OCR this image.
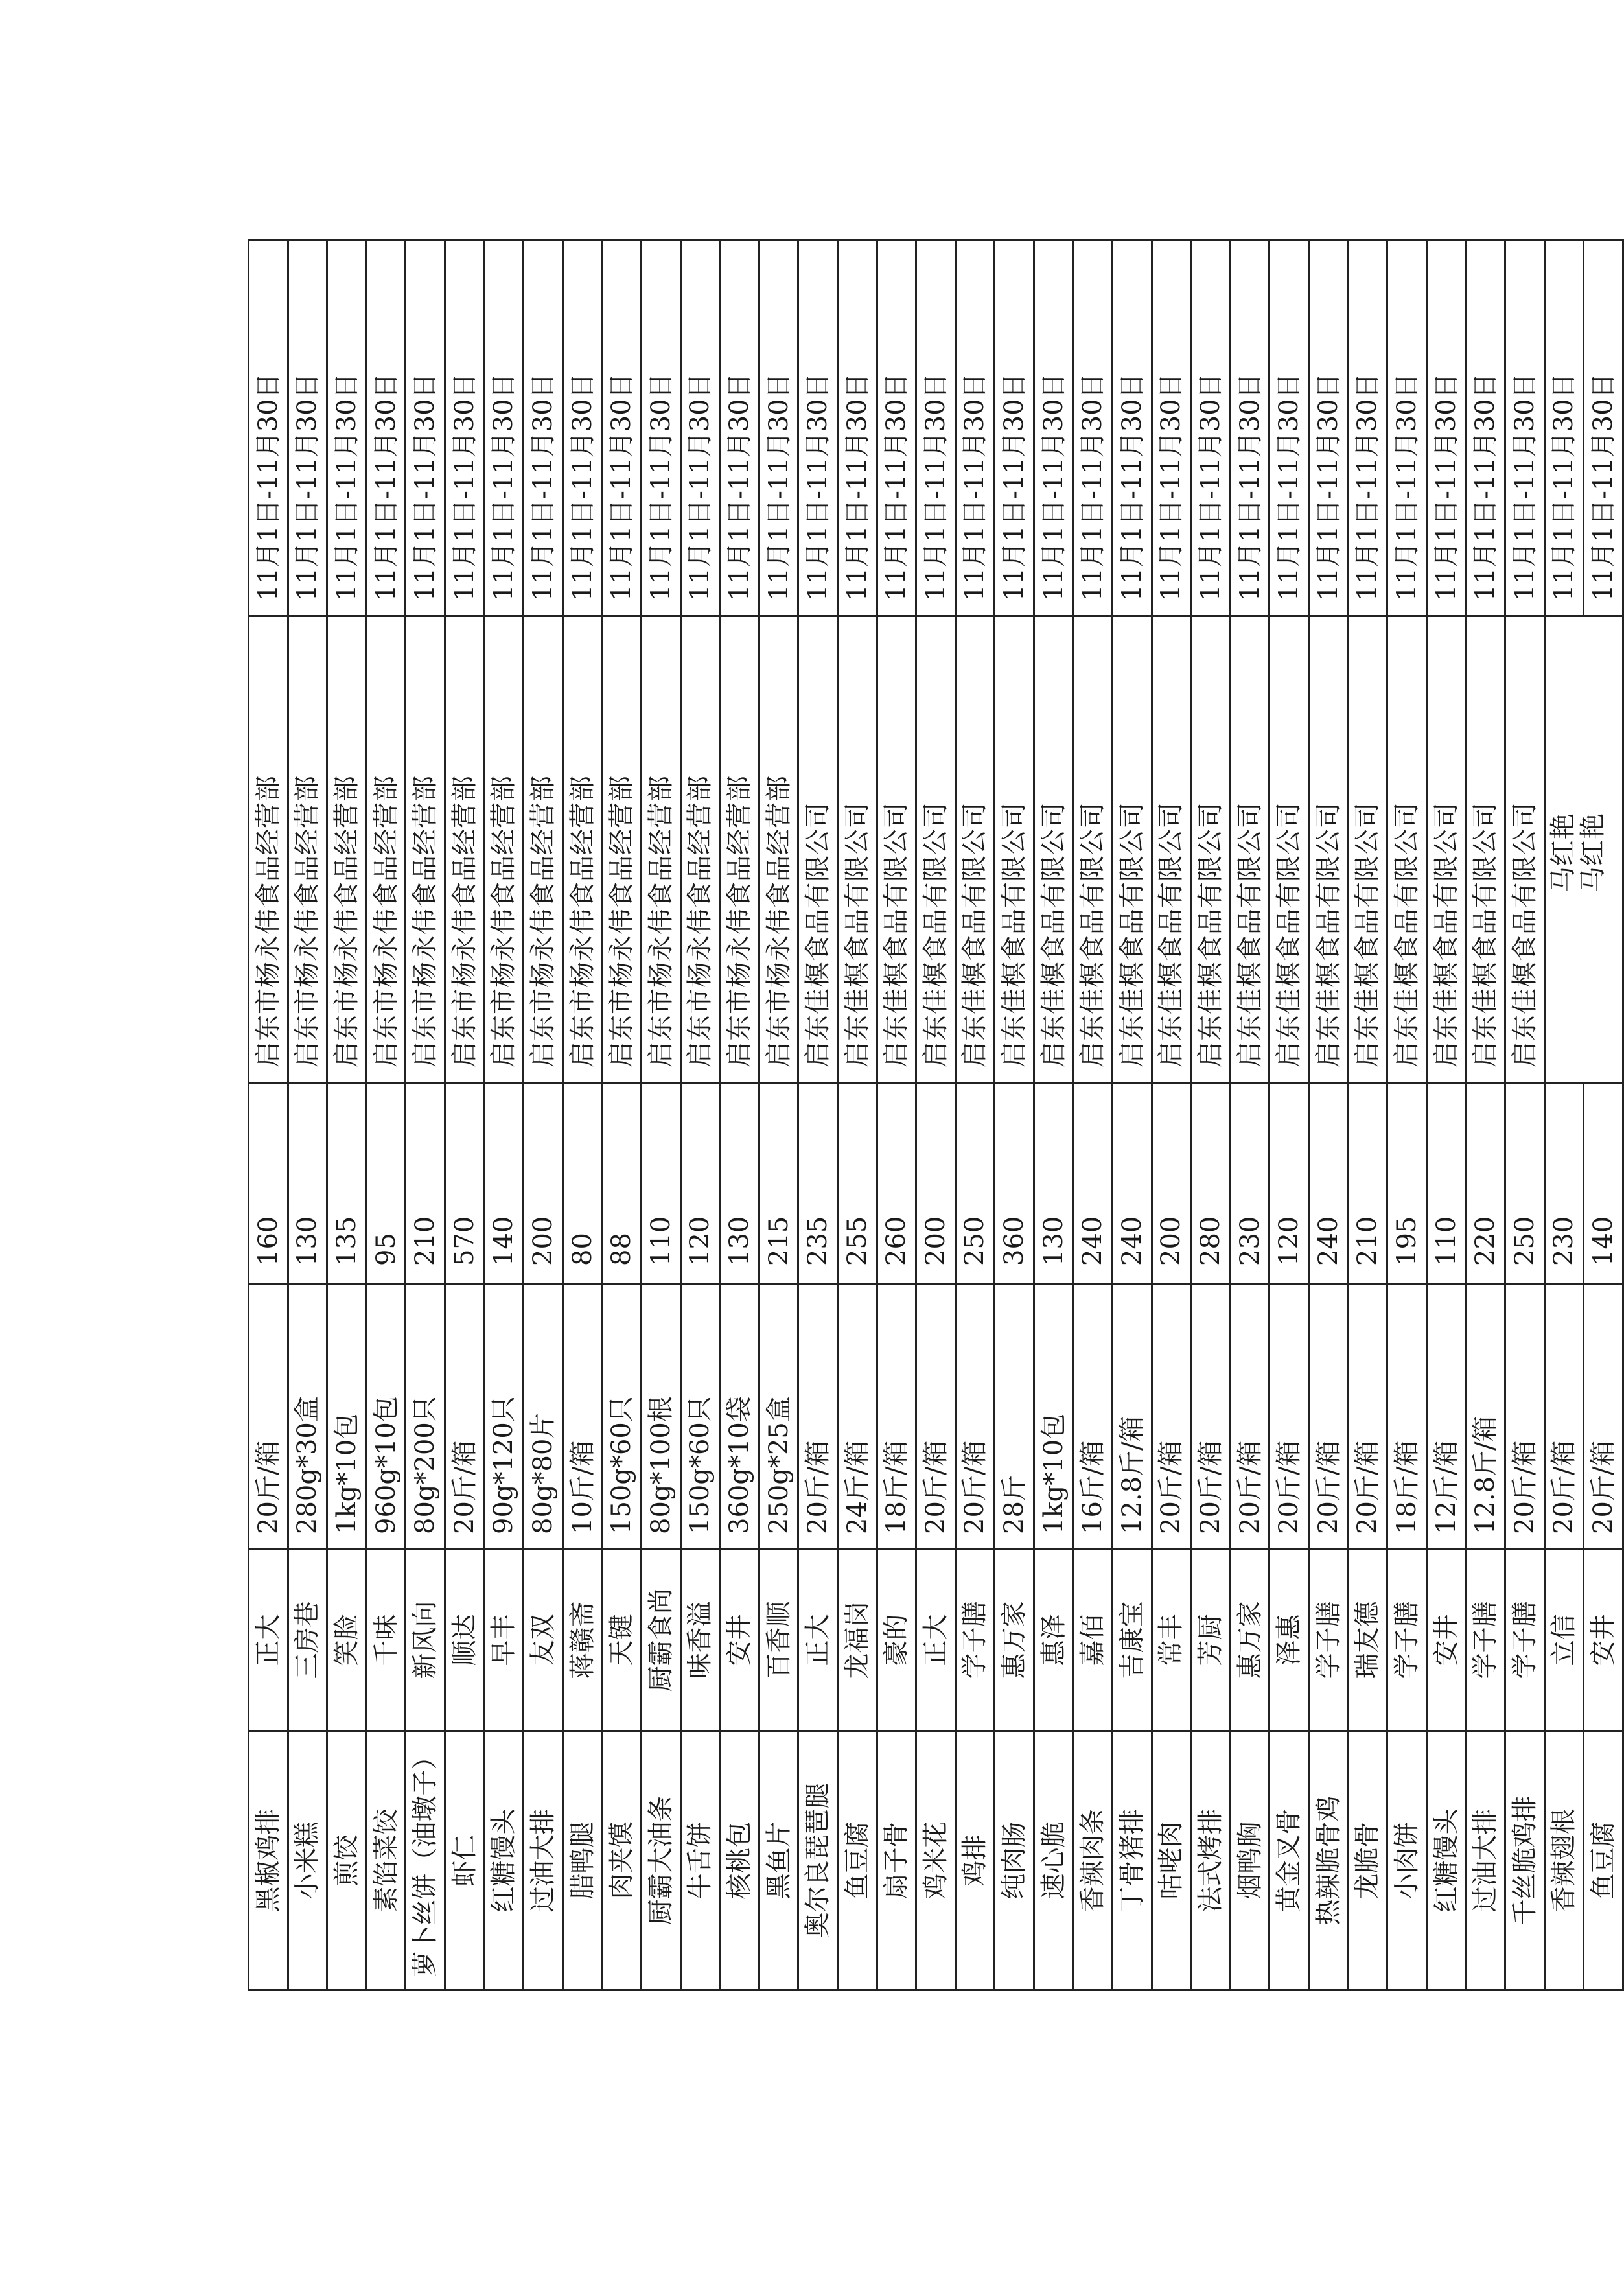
黑椒鸡排	正大	20斤/箱	160	启东市杨永伟食品经营部	11月1日-11月30日
小米糕	三房巷	280g*30盒	130	启东市杨永伟食品经营部	11月1日-11月30日
煎饺	笑脸	1kg*10包	135	启东市杨永伟食品经营部	11月1日-11月30日
素馅菜饺	千味	960g*10包	95	启东市杨永伟食品经营部	11月1日-11月30日
萝卜丝饼（油墩子）	新风向	80g*200只	210	启东市杨永伟食品经营部	11月1日-11月30日
虾仁	顺达	20斤/箱	570	启东市杨永伟食品经营部	11月1日-11月30日
红糖馒头	早丰	90g*120只	140	启东市杨永伟食品经营部	11月1日-11月30日
过油大排	友双	80g*80片	200	启东市杨永伟食品经营部	11月1日-11月30日
腊鸭腿	蒋赣斋	10斤/箱	80	启东市杨永伟食品经营部	11月1日-11月30日
肉夹馍	天键	150g*60只	88	启东市杨永伟食品经营部	11月1日-11月30日
厨霸大油条	厨霸食尚	80g*100根	110	启东市杨永伟食品经营部	11月1日-11月30日
牛舌饼	味香溢	150g*60只	120	启东市杨永伟食品经营部	11月1日-11月30日
核桃包	安井	360g*10袋	130	启东市杨永伟食品经营部	11月1日-11月30日
黑鱼片	百香顺	250g*25盒	215	启东市杨永伟食品经营部	11月1日-11月30日
奥尔良琵琶腿	正大	20斤/箱	235	启东佳榠食品有限公司	11月1日-11月30日
鱼豆腐	龙福岗	24斤/箱	255	启东佳榠食品有限公司	11月1日-11月30日
扇子骨	豪的	18斤/箱	260	启东佳榠食品有限公司	11月1日-11月30日
鸡米花	正大	20斤/箱	200	启东佳榠食品有限公司	11月1日-11月30日
鸡排	学子膳	20斤/箱	250	启东佳榠食品有限公司	11月1日-11月30日
纯肉肠	惠万家	28斤	360	启东佳榠食品有限公司	11月1日-11月30日
速心脆	惠泽	1kg*10包	130	启东佳榠食品有限公司	11月1日-11月30日
香辣肉条	嘉佰	16斤/箱	240	启东佳榠食品有限公司	11月1日-11月30日
丁骨猪排	吉康宝	12.8斤/箱	240	启东佳榠食品有限公司	11月1日-11月30日
咕咾肉	常丰	20斤/箱	200	启东佳榠食品有限公司	11月1日-11月30日
法式烤排	芳厨	20斤/箱	280	启东佳榠食品有限公司	11月1日-11月30日
烟鸭胸	惠万家	20斤/箱	230	启东佳榠食品有限公司	11月1日-11月30日
黄金叉骨	泽惠	20斤/箱	120	启东佳榠食品有限公司	11月1日-11月30日
热辣脆骨鸡	学子膳	20斤/箱	240	启东佳榠食品有限公司	11月1日-11月30日
龙脆骨	瑞友德	20斤/箱	210	启东佳榠食品有限公司	11月1日-11月30日
小肉饼	学子膳	18斤/箱	195	启东佳榠食品有限公司	11月1日-11月30日
红糖馒头	安井	12斤/箱	110	启东佳榠食品有限公司	11月1日-11月30日
过油大排	学子膳	12.8斤/箱	220	启东佳榠食品有限公司	11月1日-11月30日
千丝脆鸡排	学子膳	20斤/箱	250	启东佳榠食品有限公司	11月1日-11月30日
香辣翅根	立信	20斤/箱	230	马红艳 马红艳	11月1日-11月30日
鱼豆腐	安井	20斤/箱	140		11月1日-11月30日
